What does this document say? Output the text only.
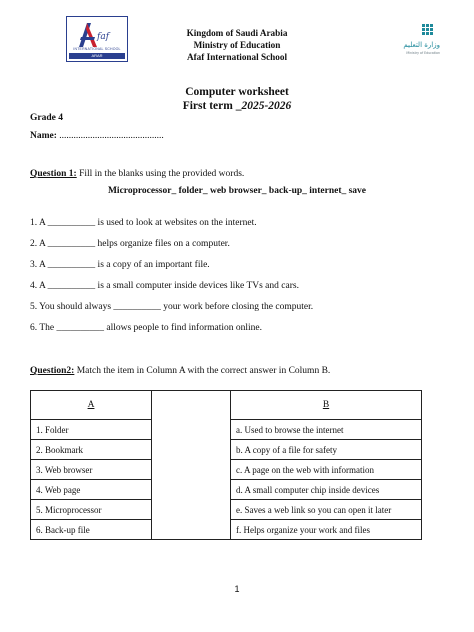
faf
INTERNATIONAL SCHOOL
ARAR
وزارة التعليم
Ministry of Education
Kingdom of Saudi Arabia
Ministry of Education
Afaf International School
Computer worksheet
First term _2025-2026
Grade 4
Name: ............................................
Question 1: Fill in the blanks using the provided words.
Microprocessor_ folder_ web browser_ back-up_ internet_ save
1. A __________ is used to look at websites on the internet.
2. A __________ helps organize files on a computer.
3. A __________ is a copy of an important file.
4. A __________ is a small computer inside devices like TVs and cars.
5. You should always __________ your work before closing the computer.
6. The __________ allows people to find information online.
Question2: Match the item in Column A with the correct answer in Column B.
A		B
1. Folder		a. Used to browse the internet
2. Bookmark		b. A copy of a file for safety
3. Web browser		c. A page on the web with information
4. Web page		d. A small computer chip inside devices
5. Microprocessor		e. Saves a web link so you can open it later
6. Back-up file		f. Helps organize your work and files
1
